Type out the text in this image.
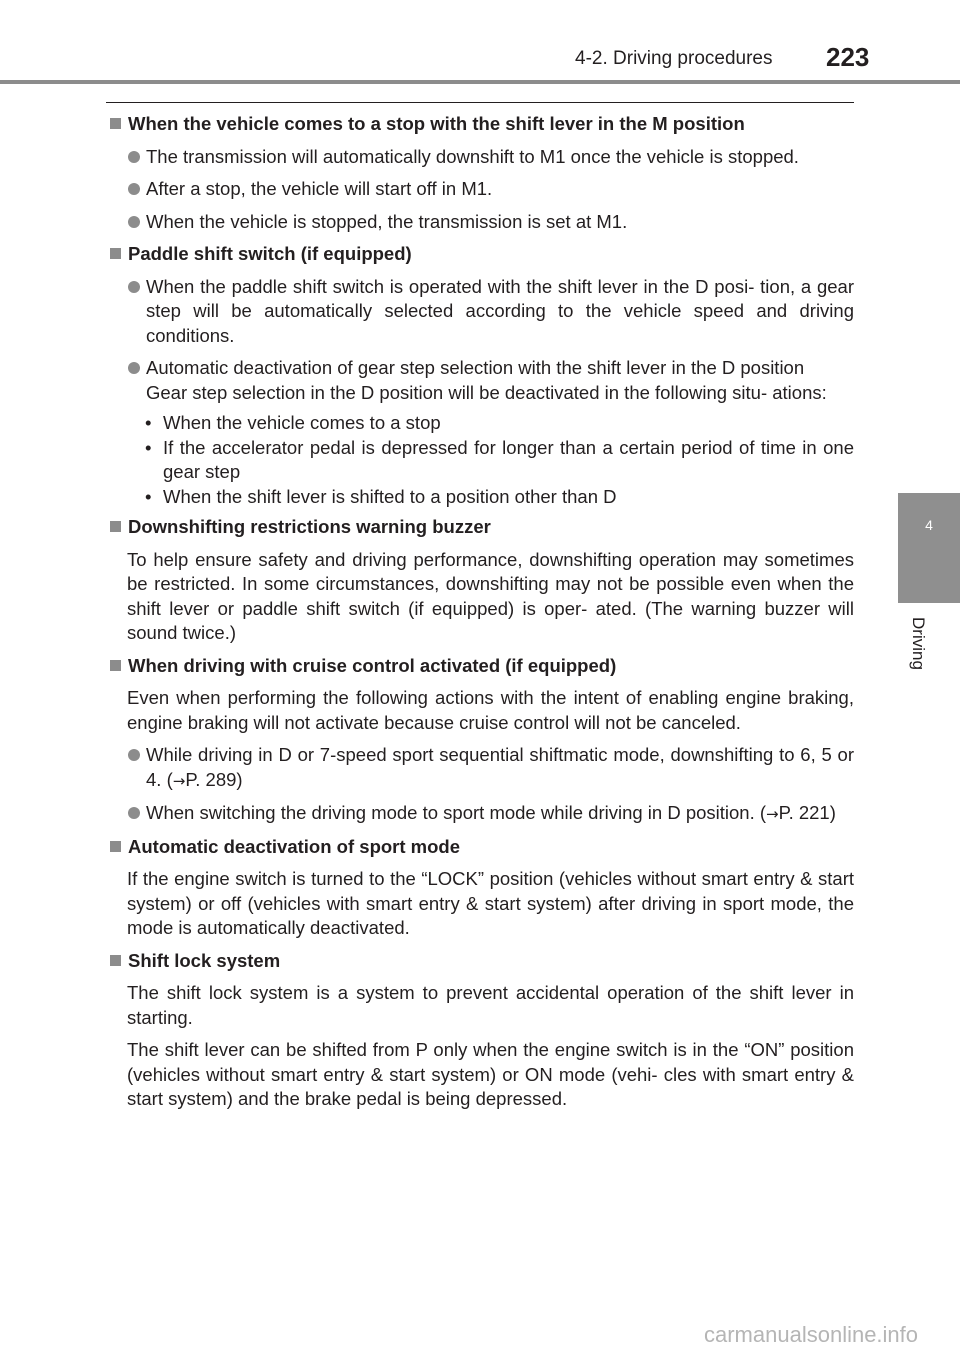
4-2. Driving procedures 223
4
Driving
When the vehicle comes to a stop with the shift lever in the M position
The transmission will automatically downshift to M1 once the vehicle is stopped.
After a stop, the vehicle will start off in M1.
When the vehicle is stopped, the transmission is set at M1.
Paddle shift switch (if equipped)
When the paddle shift switch is operated with the shift lever in the D posi- tion, a gear step will be automatically selected according to the vehicle speed and driving conditions.
Automatic deactivation of gear step selection with the shift lever in the D position
Gear step selection in the D position will be deactivated in the following situ- ations:
• When the vehicle comes to a stop
• If the accelerator pedal is depressed for longer than a certain period of time in one gear step
• When the shift lever is shifted to a position other than D
Downshifting restrictions warning buzzer
To help ensure safety and driving performance, downshifting operation may sometimes be restricted. In some circumstances, downshifting may not be possible even when the shift lever or paddle shift switch (if equipped) is oper- ated. (The warning buzzer will sound twice.)
When driving with cruise control activated (if equipped)
Even when performing the following actions with the intent of enabling engine braking, engine braking will not activate because cruise control will not be canceled.
While driving in D or 7-speed sport sequential shiftmatic mode, downshifting to 6, 5 or 4. (→P. 289)
When switching the driving mode to sport mode while driving in D position. (→P. 221)
Automatic deactivation of sport mode
If the engine switch is turned to the “LOCK” position (vehicles without smart entry & start system) or off (vehicles with smart entry & start system) after driving in sport mode, the mode is automatically deactivated.
Shift lock system
The shift lock system is a system to prevent accidental operation of the shift lever in starting.
The shift lever can be shifted from P only when the engine switch is in the “ON” position (vehicles without smart entry & start system) or ON mode (vehi- cles with smart entry & start system) and the brake pedal is being depressed.
carmanualsonline.info
